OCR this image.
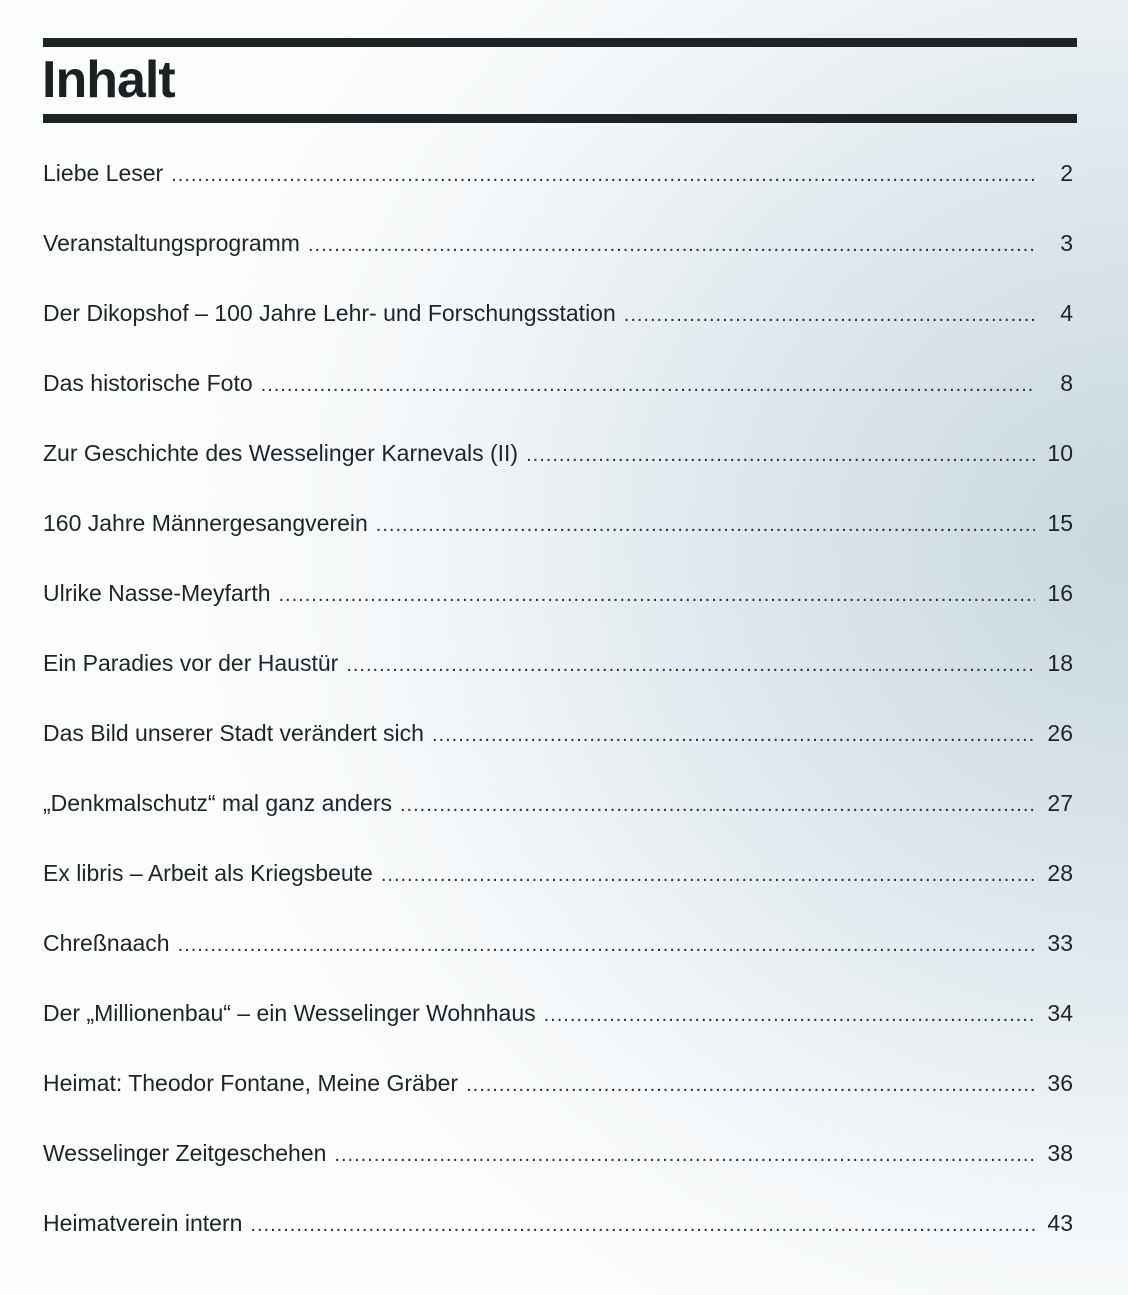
Inhalt
Liebe Leser .....	2
Veranstaltungsprogramm .....	3
Der Dikopshof – 100 Jahre Lehr- und Forschungsstation .....	4
Das historische Foto .....	8
Zur Geschichte des Wesselinger Karnevals (II) .....	10
160 Jahre Männergesangverein .....	15
Ulrike Nasse-Meyfarth .....	16
Ein Paradies vor der Haustür .....	18
Das Bild unserer Stadt verändert sich .....	26
„Denkmalschutz“ mal ganz anders .....	27
Ex libris – Arbeit als Kriegsbeute .....	28
Chreßnaach .....	33
Der „Millionenbau“ – ein Wesselinger Wohnhaus .....	34
Heimat: Theodor Fontane, Meine Gräber .....	36
Wesselinger Zeitgeschehen .....	38
Heimatverein intern .....	43
